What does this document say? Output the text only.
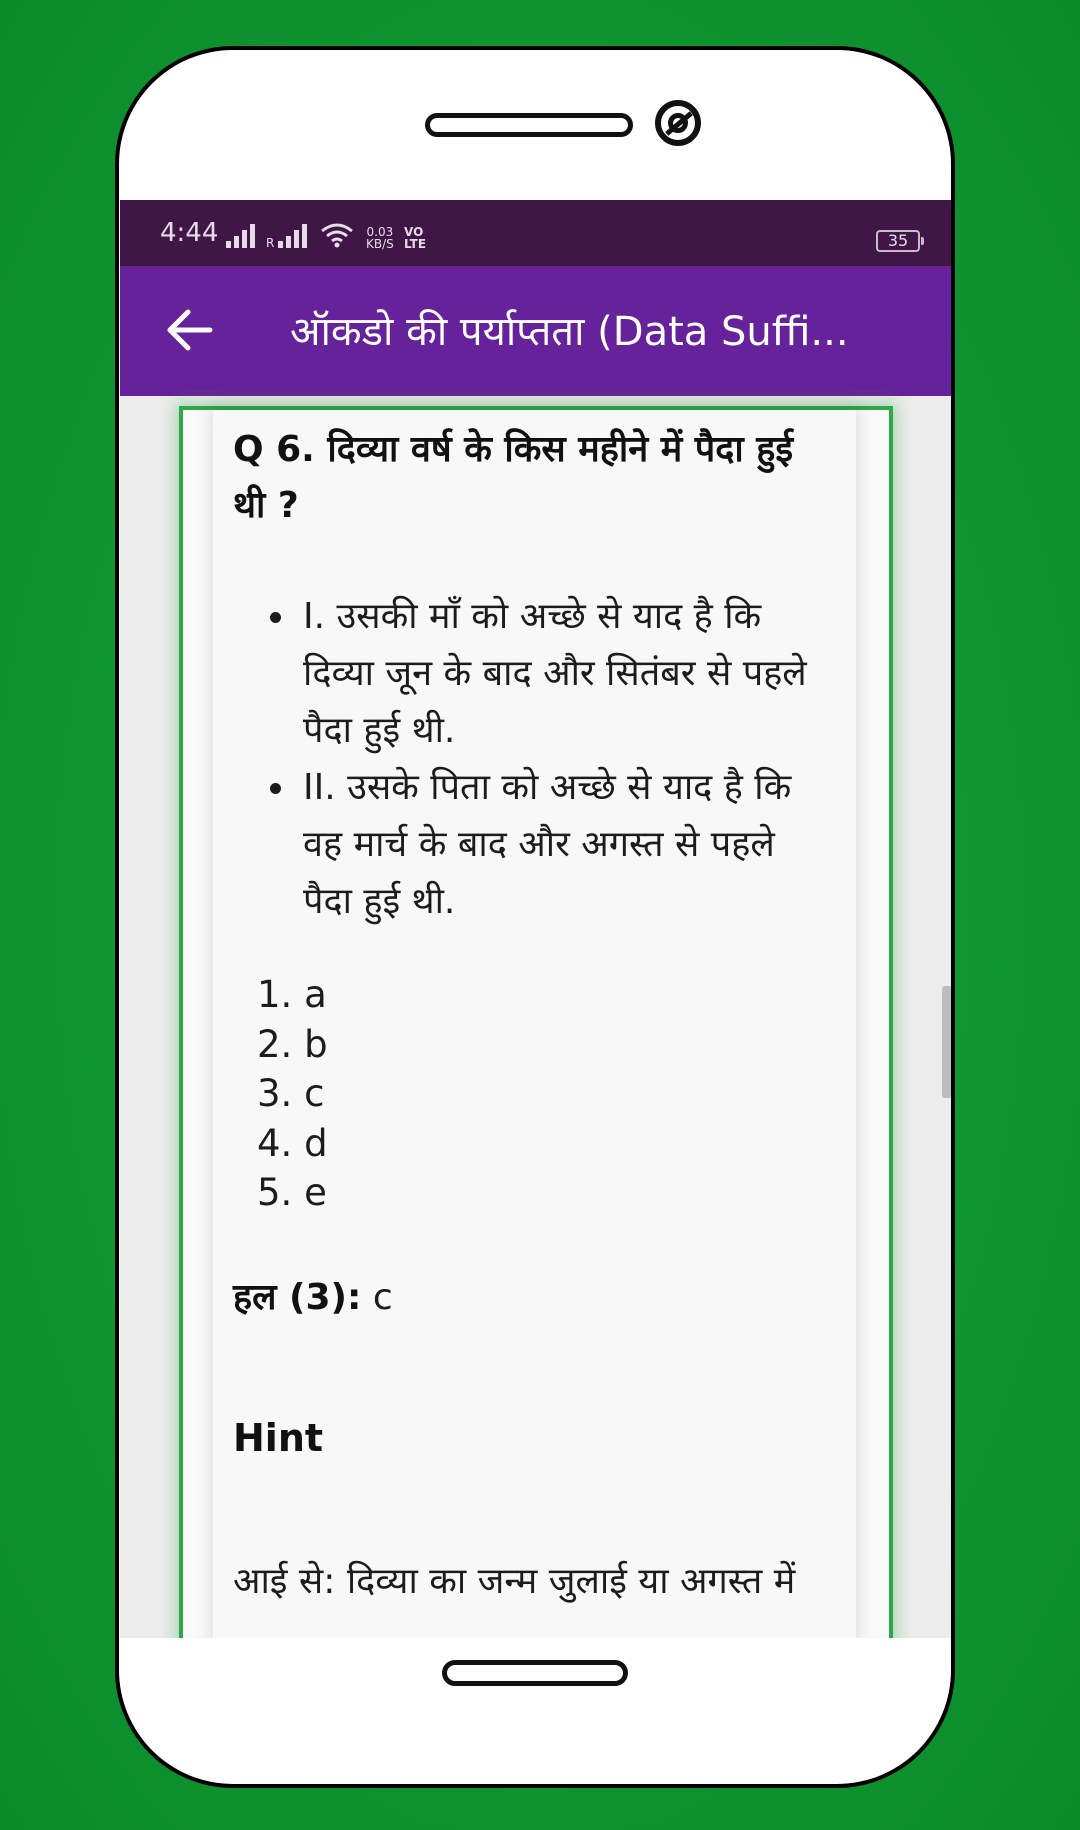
4:44	R
0.03
KB/S
VO
LTE	35
ऑकडो की पर्याप्तता (Data Suffi...
Q 6. दिव्या वर्ष के किस महीने में पैदा हुई थी ?
I. उसकी माँ को अच्छे से याद है कि दिव्या जून के बाद और सितंबर से पहले पैदा हुई थी.
II. उसके पिता को अच्छे से याद है कि वह मार्च के बाद और अगस्त से पहले पैदा हुई थी.
1. a
2. b
3. c
4. d
5. e
हल (3): c
Hint
आई से: दिव्या का जन्म जुलाई या अगस्त में
